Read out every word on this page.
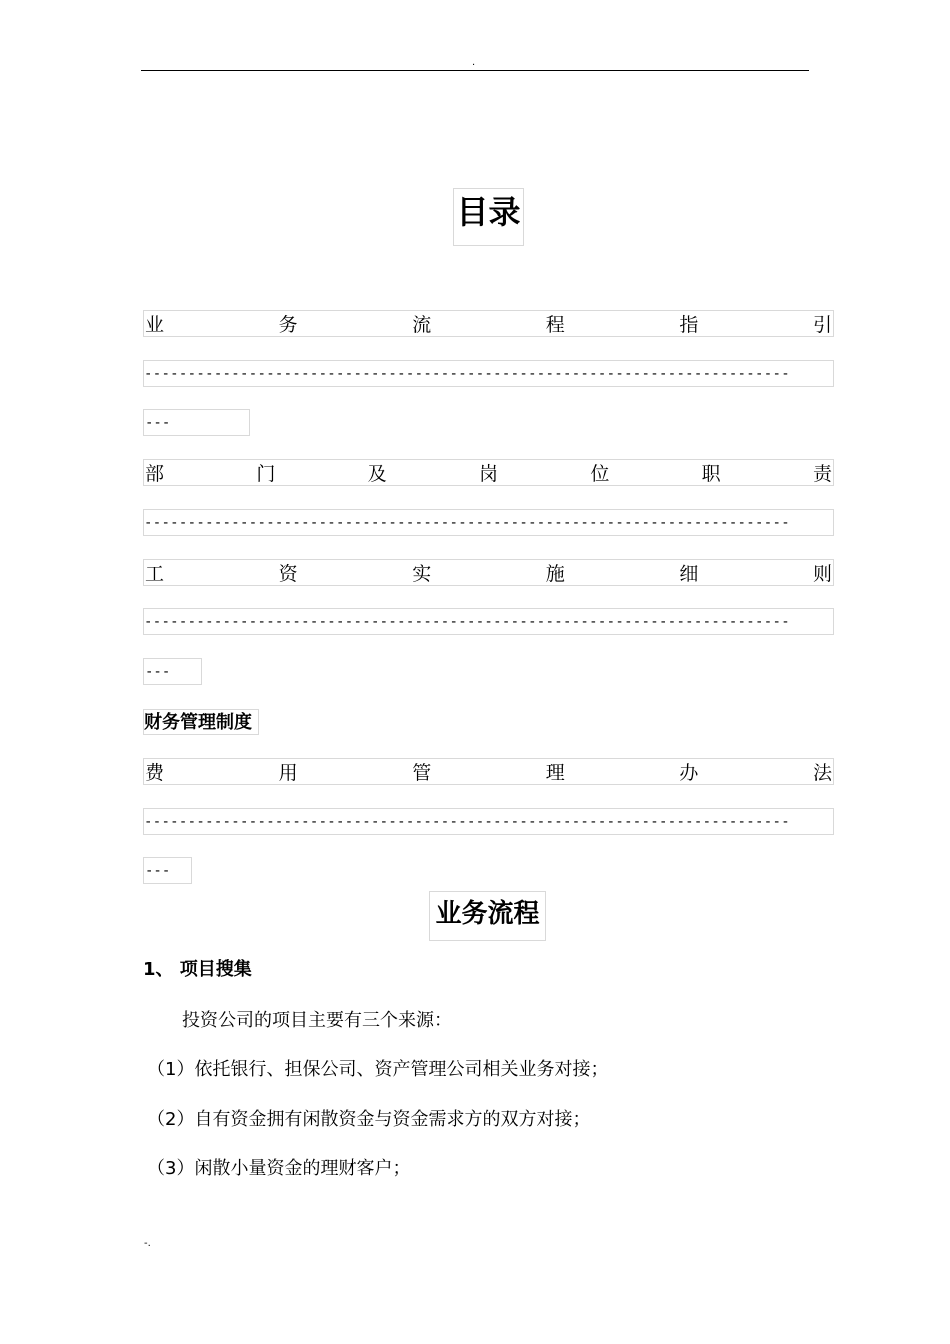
.
目录
业	务	流	程	指	引
--------------------------------------------------------------------------
---
部	门	及	岗	位	职	责
--------------------------------------------------------------------------
工	资	实	施	细	则
--------------------------------------------------------------------------
---
财务管理制度
费	用	管	理	办	法
--------------------------------------------------------------------------
---
业务流程
1、 项目搜集
投资公司的项目主要有三个来源：
（1）依托银行、担保公司、资产管理公司相关业务对接；
（2）自有资金拥有闲散资金与资金需求方的双方对接；
（3）闲散小量资金的理财客户；
-.
